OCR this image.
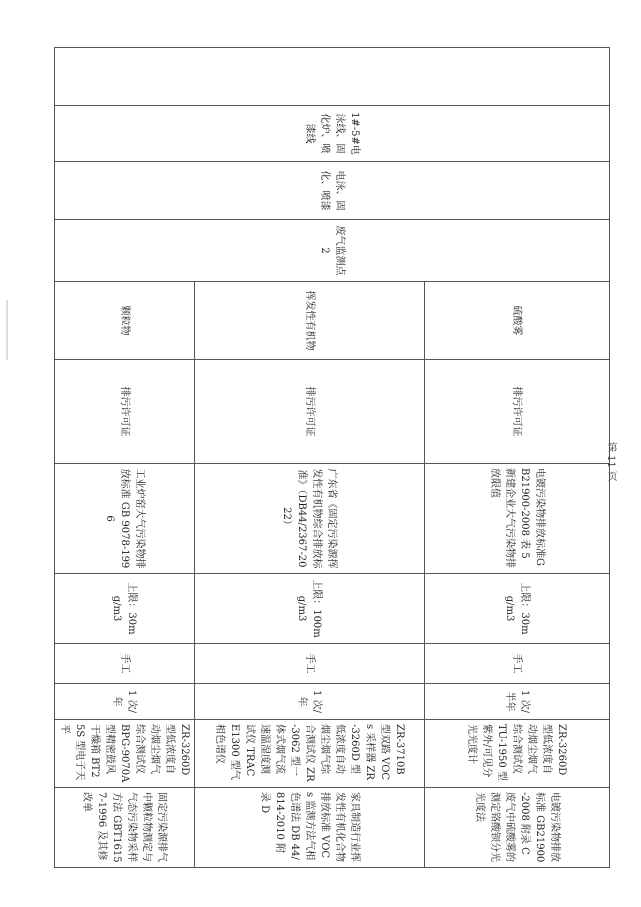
	1#-5#电泳线、固化炉、喷漆线	电泳、固化、喷漆	废气监测点 2	硫酸雾	排污许可证	电镀污染物排放标准GB21900-2008 表 5 新建企业大气污染物排放限值	上限：30mg/m3	手工	1 次/半年	ZR-3260D 型低浓度自动烟尘烟气综合测试仪 TU-1950 型紫外/可见分光光度计	电镀污染物排放标准 GB21900-2008 附录 C 废气中硫酸雾的测定铬酸钡分光光度法
				挥发性有机物	排污许可证	广东省《固定污染源挥发性有机物综合排放标准》（DB44/2367-2022）	上限：100mg/m3	手工	1 次/年	ZR-3710B 型双路 VOCs 采样器 ZR-3260D 型低浓度自动烟尘烟气综合测试仪 ZR-3062 型一体式烟气流速温湿度测试仪 TRACE1300 型气相色谱仪	家具制造行业挥发性有机化合物排放标准 VOCs 监测方法气相色谱法 DB 44/814-2010 附录 D
				颗粒物	排污许可证	工业炉窑大气污染物排放标准 GB 9078-1996	上限：30mg/m3	手工	1 次/年	ZR-3260D 型低浓度自动烟尘烟气综合测试仪 BPG-9070A 型精密鼓风干燥箱 BT25S 型电子天平	固定污染源排气中颗粒物测定与气态污染物采样方法 GBT16157-1996 及其修改单
第 11 页
